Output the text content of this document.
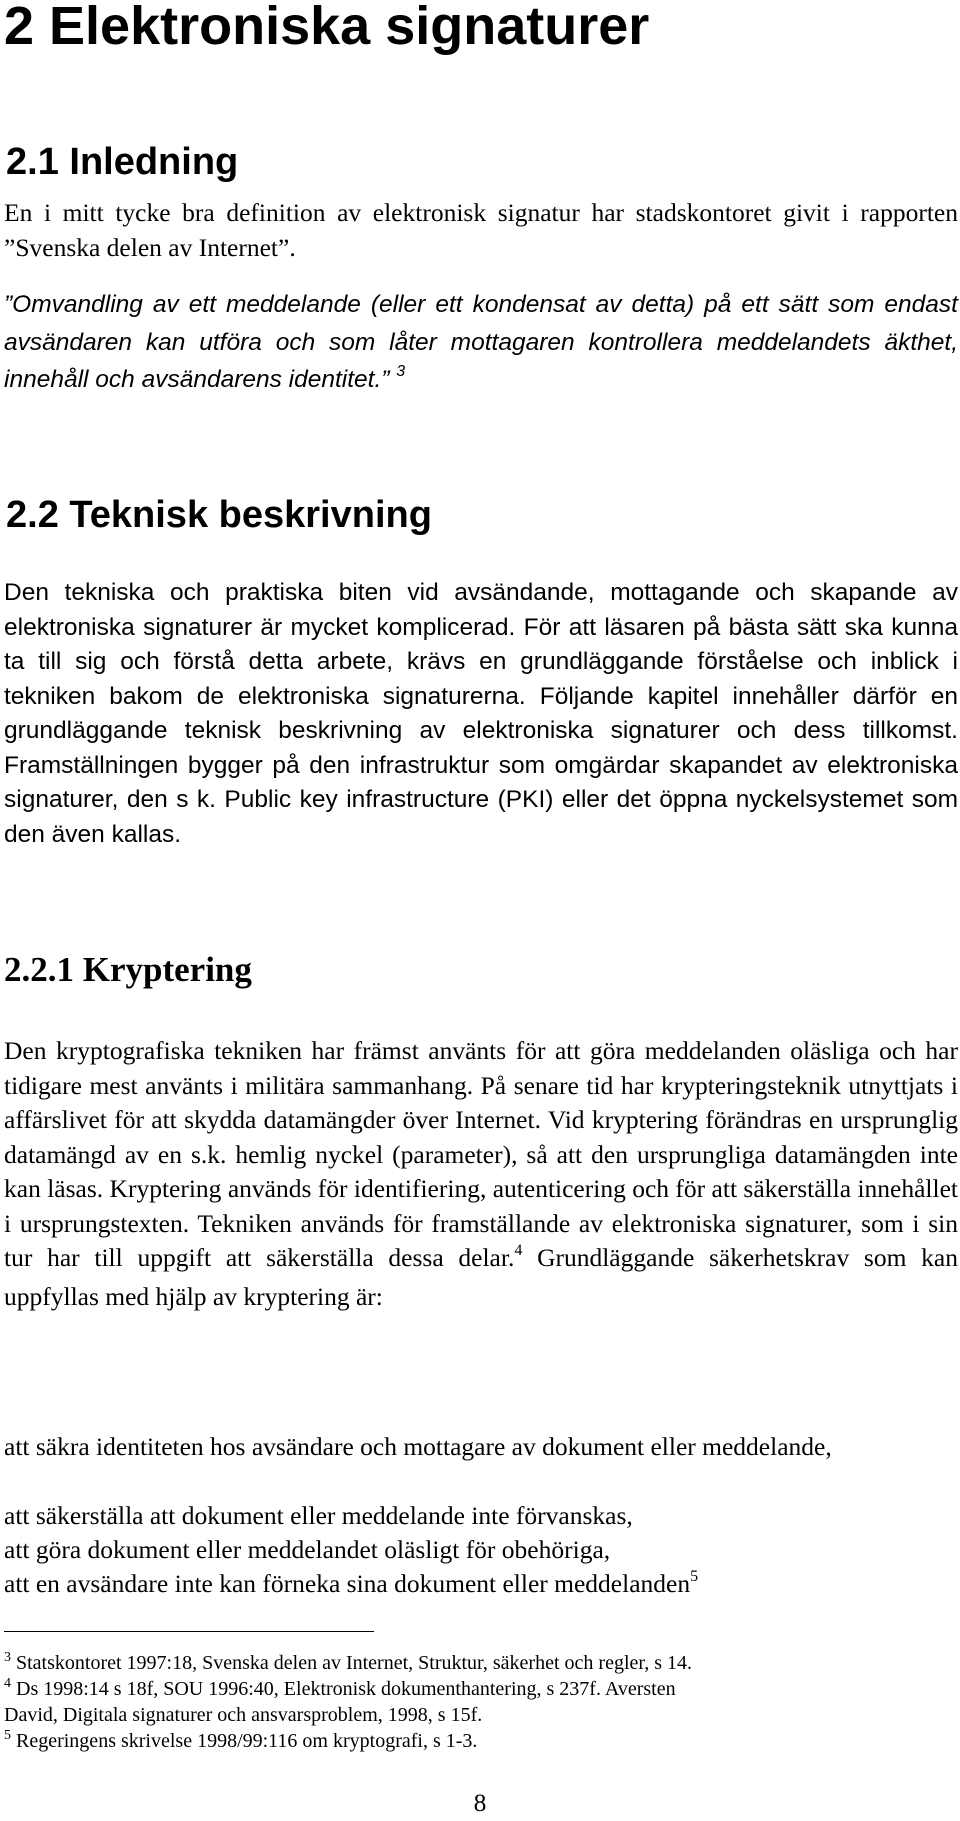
2 Elektroniska signaturer
2.1 Inledning

En i mitt tycke bra definition av elektronisk signatur har stadskontoret givit i rapporten ”Svenska delen av Internet”.

”Omvandling av ett meddelande (eller ett kondensat av detta) på ett sätt som endast avsändaren kan utföra och som låter mottagaren kontrollera meddelandets äkthet, innehåll och avsändarens identitet.” $^3$

2.2 Teknisk beskrivning

Den tekniska och praktiska biten vid avsändande, mottagande och skapande av elektroniska signaturer är mycket komplicerad. För att läsaren på bästa sätt ska kunna ta till sig och förstå detta arbete, krävs en grundläggande förståelse och inblick i tekniken bakom de elektroniska signaturerna. Följande kapitel innehåller därför en grundläggande teknisk beskrivning av elektroniska signaturer och dess tillkomst. Framställningen bygger på den infrastruktur som omgärdar skapandet av elektroniska signaturer, den s k. Public key infrastructure (PKI) eller det öppna nyckelsystemet som den även kallas.

2.2.1 Kryptering

Den kryptografiska tekniken har främst använts för att göra meddelanden oläsliga och har tidigare mest använts i militära sammanhang. På senare tid har krypteringsteknik utnyttjats i affärslivet för att skydda datamängder över Internet. Vid kryptering förändras en ursprunglig datamängd av en s.k. hemlig nyckel (parameter), så att den ursprungliga datamängden inte kan läsas. Kryptering används för identifiering, autenticering och för att säkerställa innehållet i ursprungstexten. Tekniken används för framställande av elektroniska signaturer, som i sin tur har till uppgift att säkerställa dessa delar.$^4$ Grundläggande säkerhetskrav som kan uppfyllas med hjälp av kryptering är:

att säkra identiteten hos avsändare och mottagare av dokument eller meddelande,

att säkerställa att dokument eller meddelande inte förvanskas,

att göra dokument eller meddelandet oläsligt för obehöriga,

att en avsändare inte kan förneka sina dokument eller meddelanden$^5$

$^3$ Statskontoret 1997:18, Svenska delen av Internet, Struktur, säkerhet och regler, s 14.

$^4$ Ds 1998:14 s 18f, SOU 1996:40, Elektronisk dokumenthantering, s 237f. Aversten

David, Digitala signaturer och ansvarsproblem, 1998, s 15f.

$^5$ Regeringens skrivelse 1998/99:116 om kryptografi, s 1-3.

8
